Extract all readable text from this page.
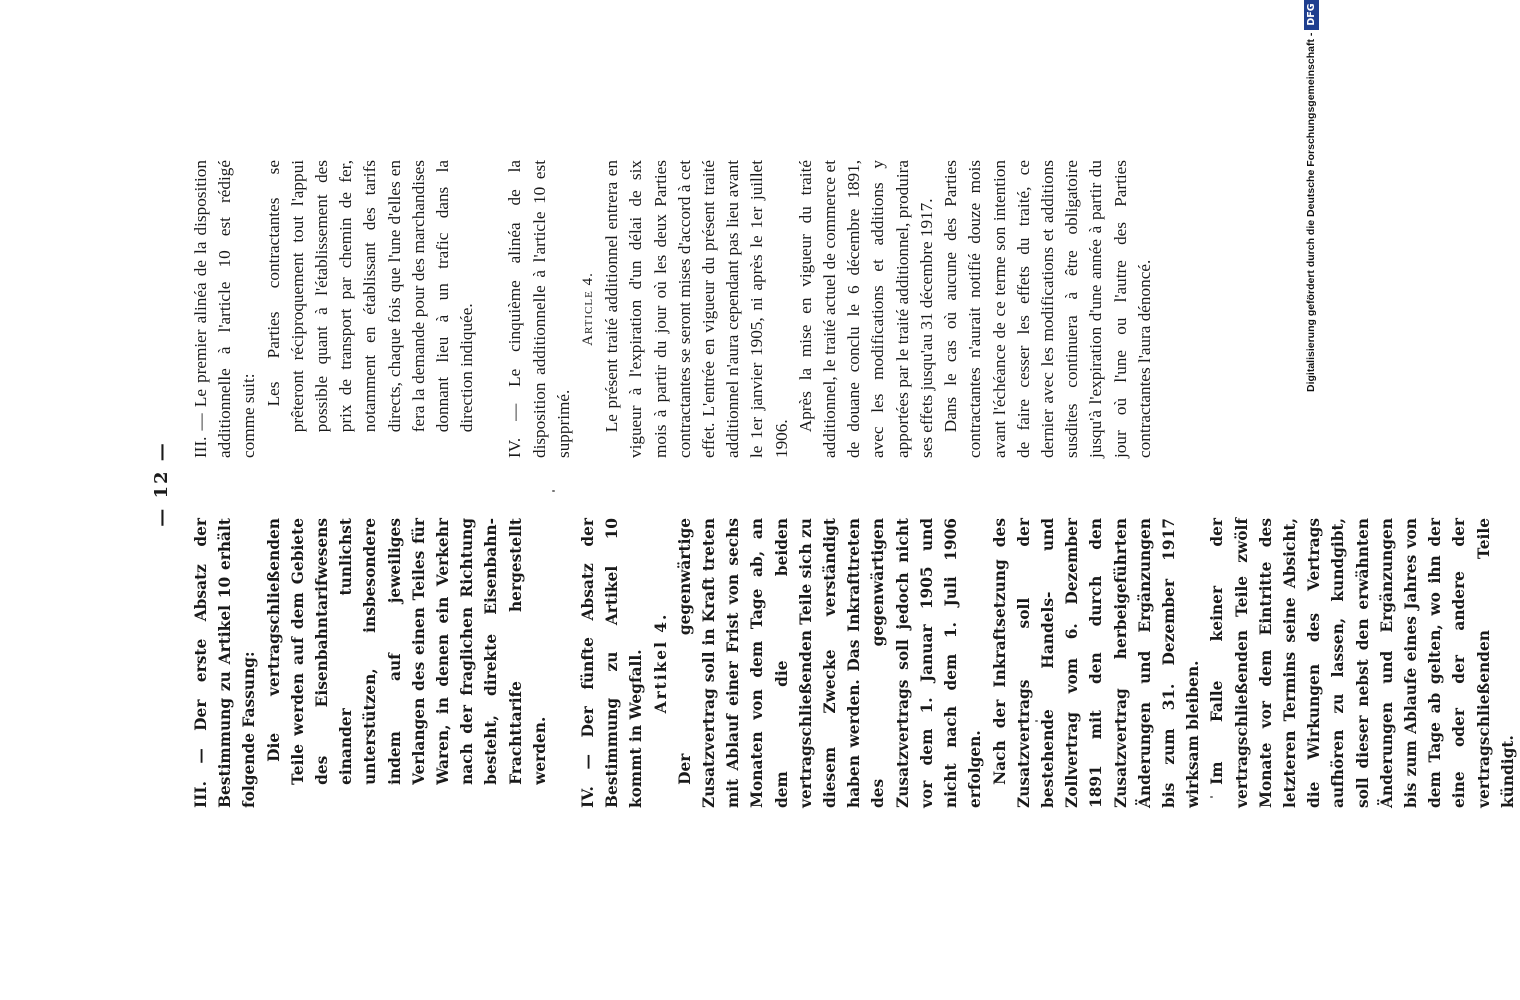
— 12 —

III. — Der erste Absatz der Bestimmung zu Artikel 10 erhält folgende Fassung: Die vertragschließenden Teile werden auf dem Gebiete des Eisenbahntarifwesens einander tunlichst unterstützen, insbesondere indem auf jeweiliges Verlangen des einen Teiles für Waren, in denen ein Verkehr nach der fraglichen Richtung besteht, direkte Eisenbahn-Frachttarife hergestellt werden. IV. — Der fünfte Absatz der Bestimmung zu Artikel 10 kommt in Wegfall. Artikel 4. Der gegenwärtige Zusatzvertrag soll in Kraft treten mit Ablauf einer Frist von sechs Monaten von dem Tage ab, an dem die beiden vertragschließenden Teile sich zu diesem Zwecke verständigt haben werden. Das Inkrafttreten des gegenwärtigen Zusatzvertrags soll jedoch nicht vor dem 1. Januar 1905 und nicht nach dem 1. Juli 1906 erfolgen. Nach der Inkraftsetzung des Zusatzvertrags soll der bestehende Handels- und Zollvertrag vom 6. Dezember 1891 mit den durch den Zusatzvertrag herbeigeführten Änderungen und Ergänzungen bis zum 31. Dezember 1917 wirksam bleiben. Im Falle keiner der vertragschließenden Teile zwölf Monate vor dem Eintritte des letzteren Termins seine Absicht, die Wirkungen des Vertrags aufhören zu lassen, kundgibt, soll dieser nebst den erwähnten Änderungen und Ergänzungen bis zum Ablaufe eines Jahres von dem Tage ab gelten, wo ihn der eine oder der andere der vertragschließenden Teile kündigt.

III. — Le premier alinéa de la disposition additionnelle à l'article 10 est rédigé comme suit:

Les Parties contractantes se prêteront réciproquement tout l'appui possible quant à l'établissement des prix de transport par chemin de fer, notamment en établissant des tarifs directs, chaque fois que l'une d'elles en fera la demande pour des marchandises donnant lieu à un trafic dans la direction indiquée. IV. — Le cinquième alinéa de la disposition additionnelle à l'article 10 est supprimé.

Article 4. Le présent traité additionnel entrera en vigueur à l'expiration d'un délai de six mois à partir du jour où les deux Parties contractantes se seront mises d'accord à cet effet. L'entrée en vigueur du présent traité additionnel n'aura cependant pas lieu avant le 1er janvier 1905, ni après le 1er juillet 1906.

Après la mise en vigueur du traité additionnel, le traité actuel de commerce et de douane conclu le 6 décembre 1891, avec les modifications et additions y apportées par le traité additionnel, produira ses effets jusqu'au 31 décembre 1917. Dans le cas où aucune des Parties contractantes n'aurait notifié douze mois avant l'échéance de ce terme son intention de faire cesser les effets du traité, ce dernier avec les modifications et additions susdites continuera à être obligatoire jusqu'à l'expiration d'une année à partir du jour où l'une ou l'autre des Parties contractantes l'aura dénoncé.	Digitalisierung gefördert durch die Deutsche Forschungsgemeinschaft -
DFG
